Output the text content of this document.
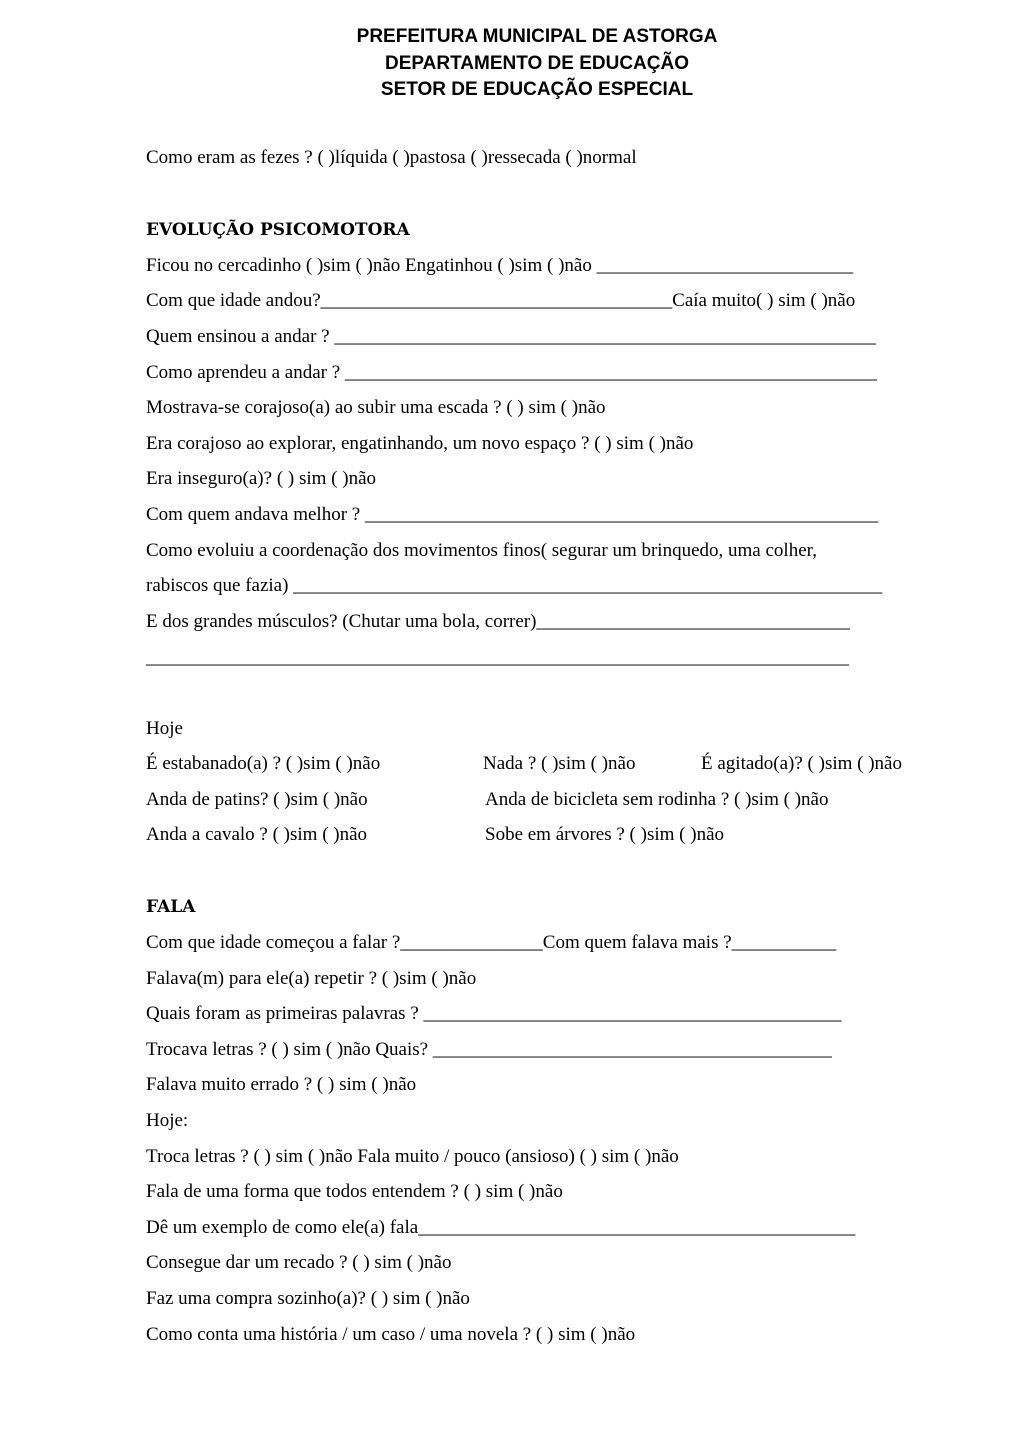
PREFEITURA MUNICIPAL DE ASTORGA
DEPARTAMENTO DE EDUCAÇÃO
SETOR DE EDUCAÇÃO ESPECIAL
Como eram as fezes ? ( )líquida ( )pastosa ( )ressecada ( )normal
EVOLUÇÃO PSICOMOTORA
Ficou no cercadinho ( )sim ( )não Engatinhou ( )sim ( )não ___________________________
Com que idade andou?_____________________________________Caía muito( ) sim ( )não
Quem ensinou a andar ? _________________________________________________________
Como aprendeu a andar ? ________________________________________________________
Mostrava-se corajoso(a) ao subir uma escada ? ( ) sim ( )não
Era corajoso ao explorar, engatinhando, um novo espaço ? ( ) sim ( )não
Era inseguro(a)? ( ) sim ( )não
Com quem andava melhor ? ______________________________________________________
Como evoluiu a coordenação dos movimentos finos( segurar um brinquedo, uma colher,
rabiscos que fazia) ______________________________________________________________
E dos grandes músculos? (Chutar uma bola, correr)_________________________________
__________________________________________________________________________
Hoje
É estabanado(a) ? ( )sim ( )não	Nada ? ( )sim ( )não	É agitado(a)? ( )sim ( )não
Anda de patins? ( )sim ( )não	Anda de bicicleta sem rodinha ? ( )sim ( )não
Anda a cavalo ? ( )sim ( )não	Sobe em árvores ? ( )sim ( )não
FALA
Com que idade começou a falar ?_______________Com quem falava mais ?___________
Falava(m) para ele(a) repetir ? ( )sim ( )não
Quais foram as primeiras palavras ? ____________________________________________
Trocava letras ? ( ) sim ( )não Quais? __________________________________________
Falava muito errado ? ( ) sim ( )não
Hoje:
Troca letras ? ( ) sim ( )não Fala muito / pouco (ansioso) ( ) sim ( )não
Fala de uma forma que todos entendem ? ( ) sim ( )não
Dê um exemplo de como ele(a) fala______________________________________________
Consegue dar um recado ? ( ) sim ( )não
Faz uma compra sozinho(a)? ( ) sim ( )não
Como conta uma história / um caso / uma novela ? ( ) sim ( )não
